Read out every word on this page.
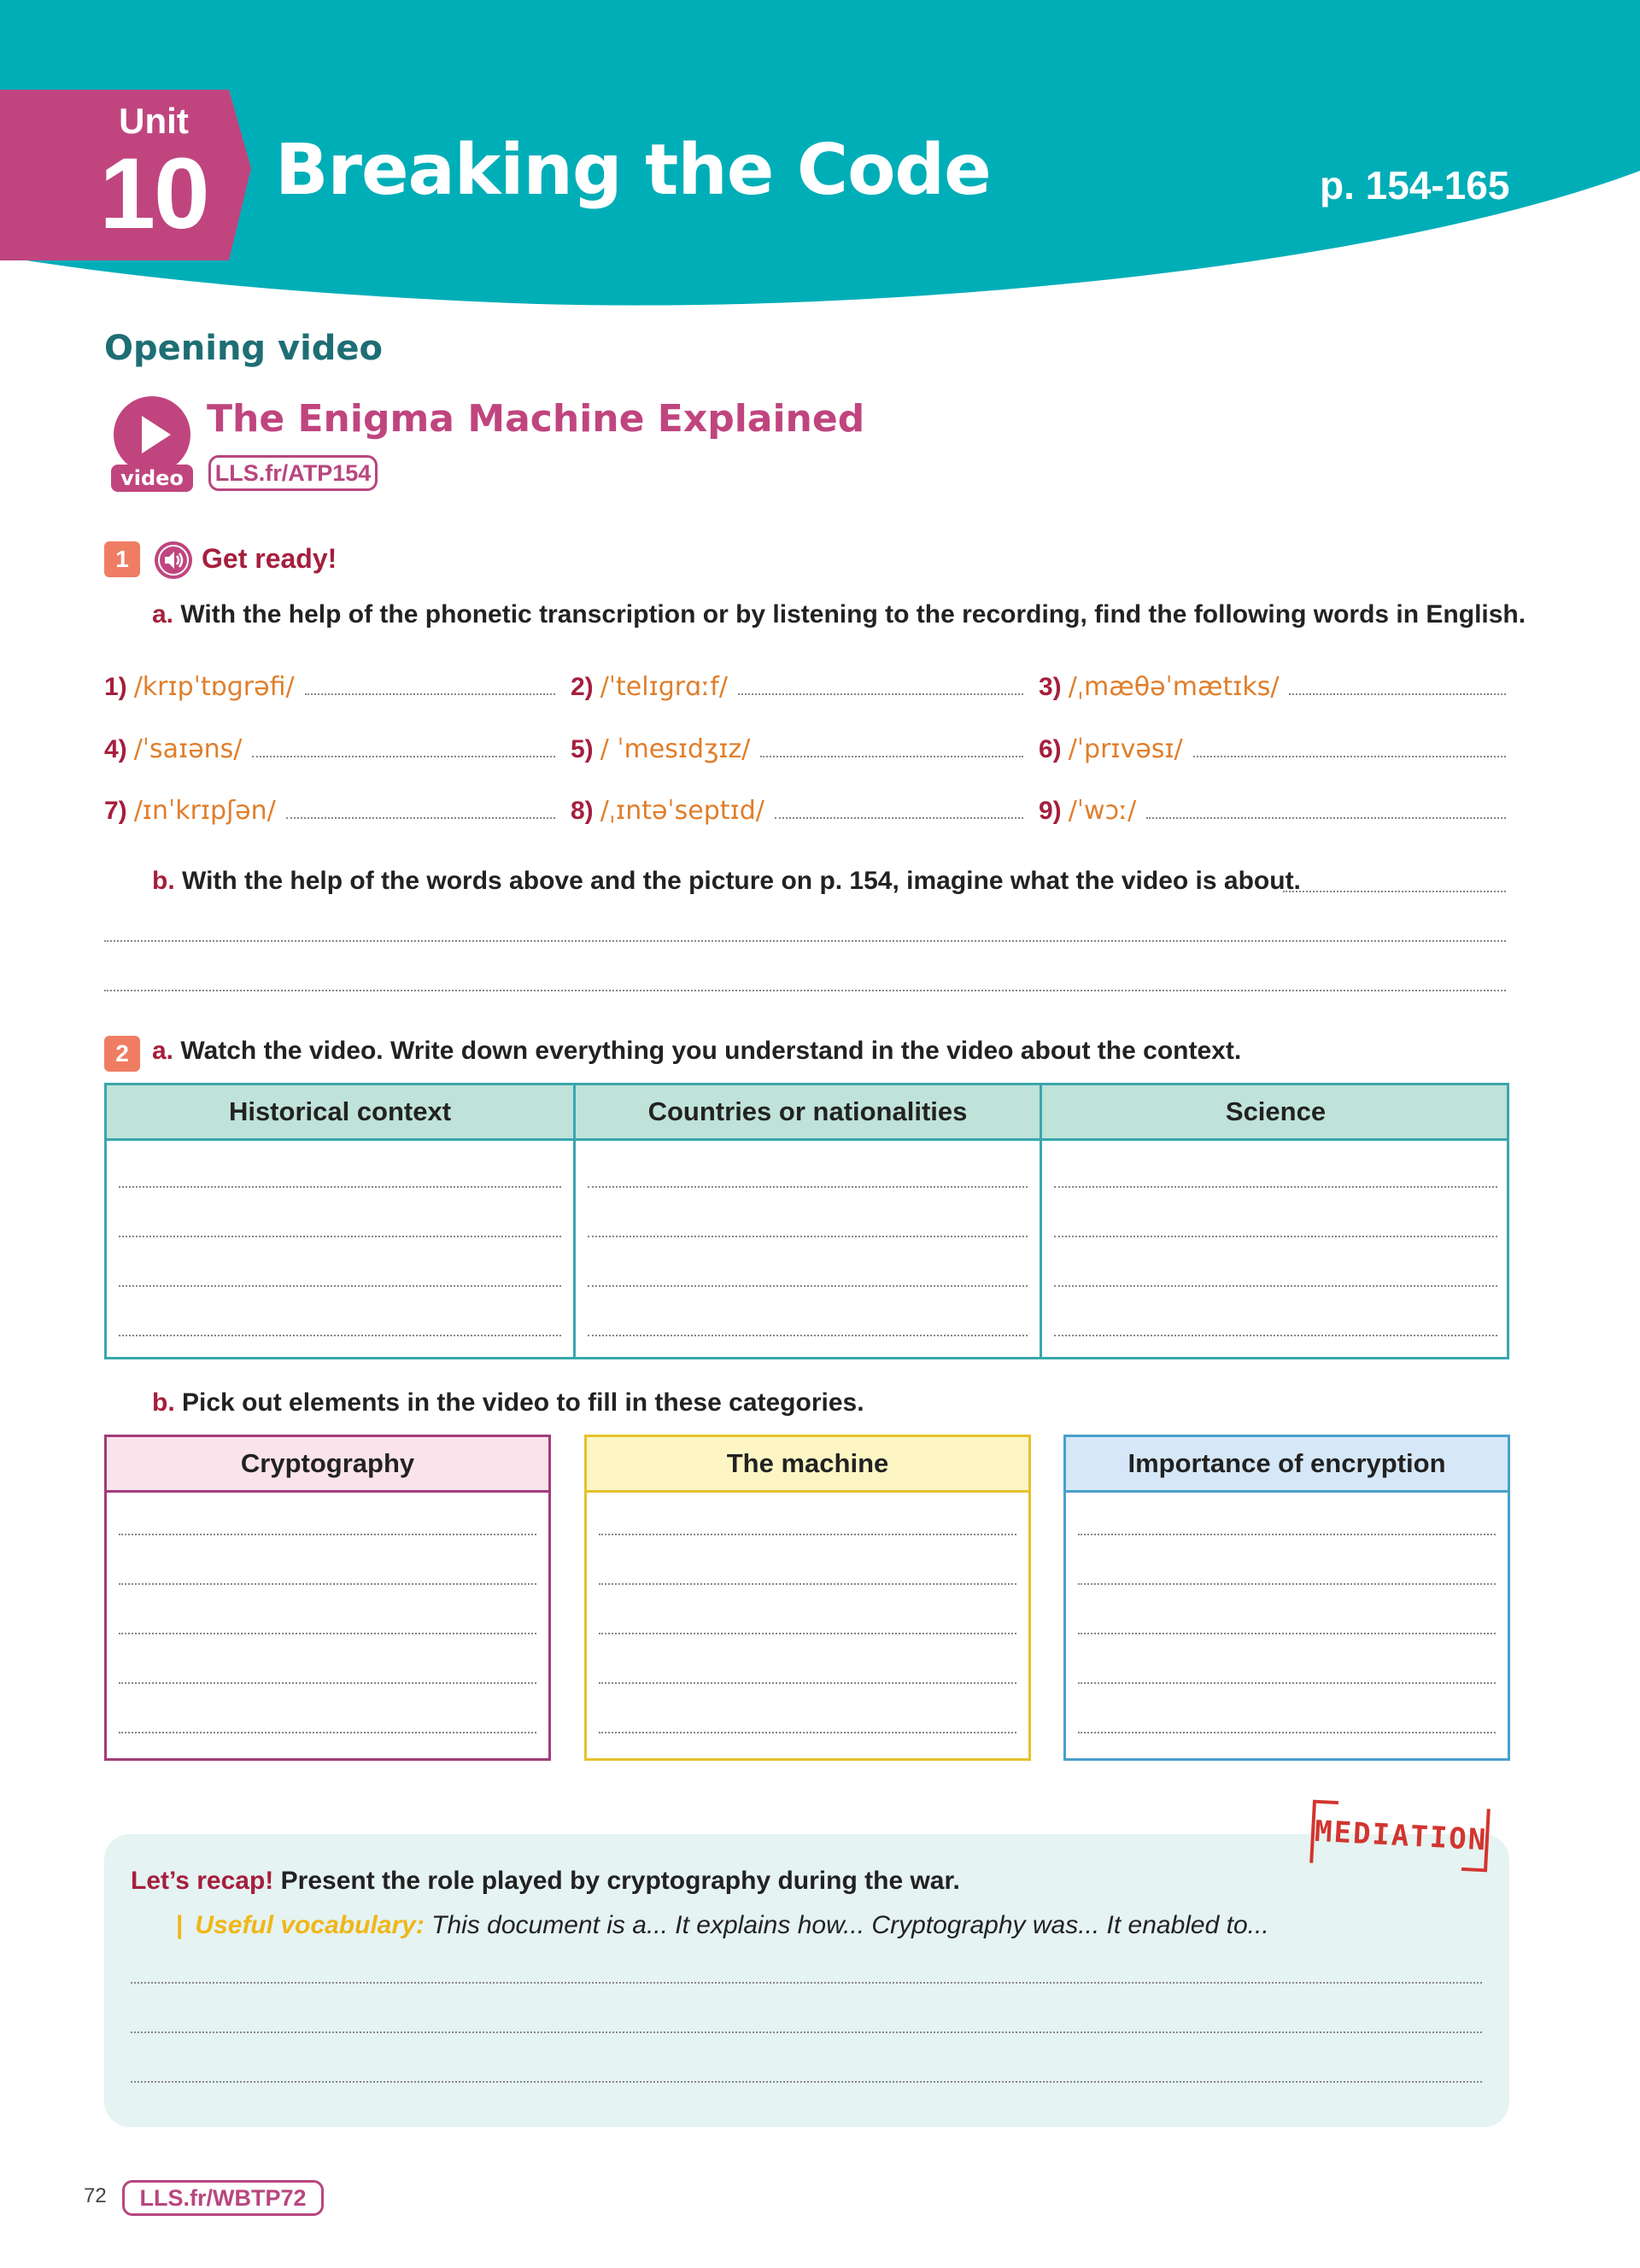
Unit
10 Breaking the Code	p. 154-165
Opening video
video
The Enigma Machine Explained
LLS.fr/ATP154
1	Get ready!
a. With the help of the phonetic transcription or by listening to the recording, find the following words in English.
1) /krɪpˈtɒɡrəfi/	2) /ˈtelɪɡrɑːf/	3) /ˌmæθəˈmætɪks/
4) /ˈsaɪəns/	5) / ˈmesɪdʒɪz/	6) /ˈprɪvəsɪ/
7) /ɪnˈkrɪpʃən/	8) /ˌɪntəˈseptɪd/	9) /ˈwɔː/
b. With the help of the words above and the picture on p. 154, imagine what the video is about.
2 a. Watch the video. Write down everything you understand in the video about the context.
Historical context	Countries or nationalities	Science
b. Pick out elements in the video to fill in these categories.
Cryptography	The machine	Importance of encryption
MEDIATION
Let’s recap! Present the role played by cryptography during the war.
| Useful vocabulary: This document is a... It explains how... Cryptography was... It enabled to...
72	LLS.fr/WBTP72
